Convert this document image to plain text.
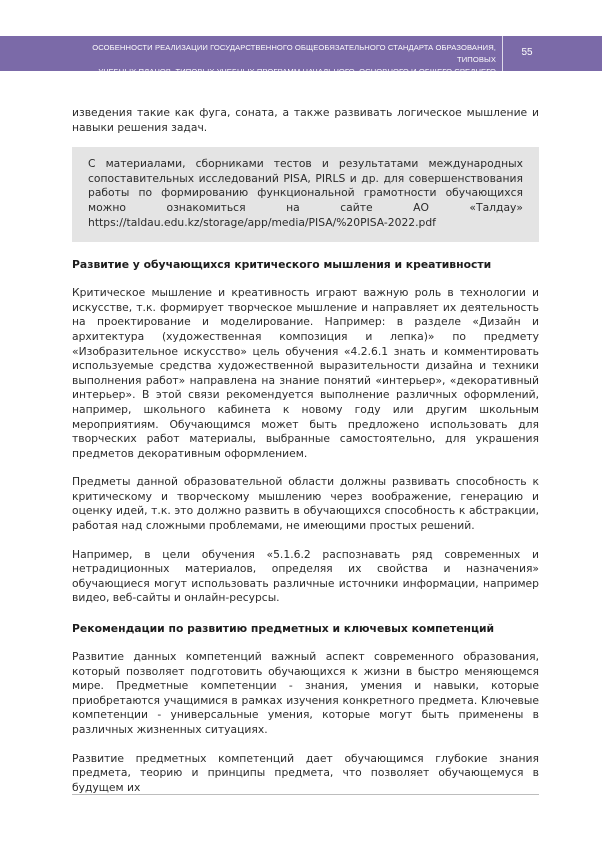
ОСОБЕННОСТИ РЕАЛИЗАЦИИ ГОСУДАРСТВЕННОГО ОБЩЕОБЯЗАТЕЛЬНОГО СТАНДАРТА ОБРАЗОВАНИЯ, ТИПОВЫХ
УЧЕБНЫХ ПЛАНОВ, ТИПОВЫХ УЧЕБНЫХ ПРОГРАММ НАЧАЛЬНОГО, ОСНОВНОГО И ОБЩЕГО СРЕДНЕГО ОБРАЗОВАНИЯ
55

изведения такие как фуга, соната, а также развивать логическое мышление и навыки решения задач.

С материалами, сборниками тестов и результатами международных сопоставительных исследований PISA, PIRLS и др. для совершенствования работы по формированию функциональной грамотности обучающихся можно ознакомиться на сайте АО «Талдау» https://taldau.edu.kz/storage/app/media/PISA/%20PISA-2022.pdf

Развитие у обучающихся критического мышления и креативности

Критическое мышление и креативность играют важную роль в технологии и искусстве, т.к. формирует творческое мышление и направляет их деятельность на проектирование и моделирование. Например: в разделе «Дизайн и архитектура (художественная композиция и лепка)» по предмету «Изобразительное искусство» цель обучения «4.2.6.1 знать и комментировать используемые средства художественной выразительности дизайна и техники выполнения работ» направлена на знание понятий «интерьер», «декоративный интерьер». В этой связи рекомендуется выполнение различных оформлений, например, школьного кабинета к новому году или другим школьным мероприятиям. Обучающимся может быть предложено использовать для творческих работ материалы, выбранные самостоятельно, для украшения предметов декоративным оформлением.

Предметы данной образовательной области должны развивать способность к критическому и творческому мышлению через воображение, генерацию и оценку идей, т.к. это должно развить в обучающихся способность к абстракции, работая над сложными проблемами, не имеющими простых решений.

Например, в цели обучения «5.1.6.2 распознавать ряд современных и нетрадиционных материалов, определяя их свойства и назначения» обучающиеся могут использовать различные источники информации, например видео, веб-сайты и онлайн-ресурсы.

Рекомендации по развитию предметных и ключевых компетенций

Развитие данных компетенций важный аспект современного образования, который позволяет подготовить обучающихся к жизни в быстро меняющемся мире. Предметные компетенции - знания, умения и навыки, которые приобретаются учащимися в рамках изучения конкретного предмета. Ключевые компетенции - универсальные умения, которые могут быть применены в различных жизненных ситуациях.

Развитие предметных компетенций дает обучающимся глубокие знания предмета, теорию и принципы предмета, что позволяет обучающемуся в будущем их
